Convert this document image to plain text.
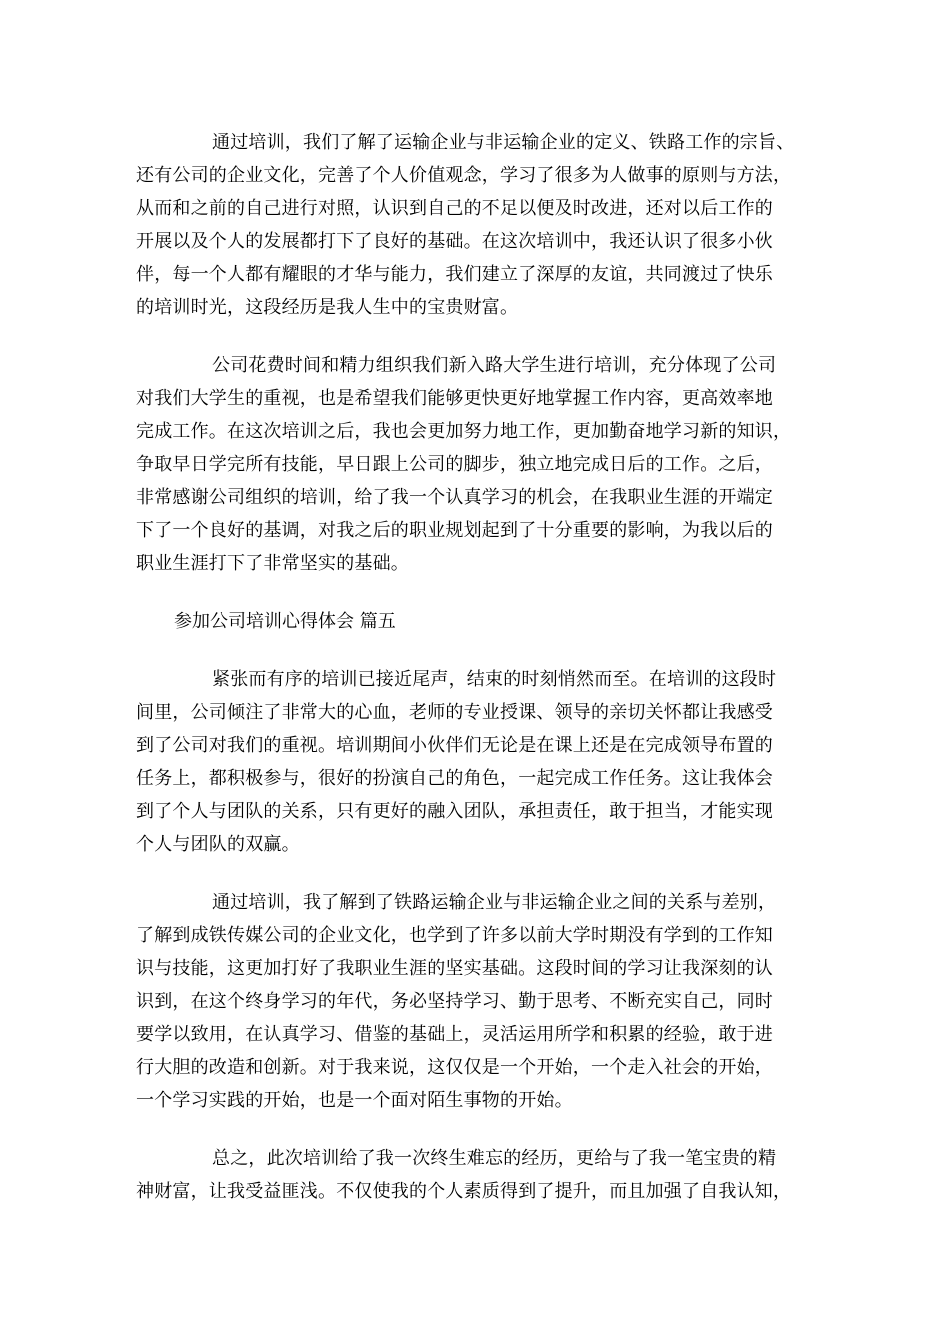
通过培训，我们了解了运输企业与非运输企业的定义、铁路工作的宗旨、
还有公司的企业文化，完善了个人价值观念，学习了很多为人做事的原则与方法，
从而和之前的自己进行对照，认识到自己的不足以便及时改进，还对以后工作的
开展以及个人的发展都打下了良好的基础。在这次培训中，我还认识了很多小伙
伴，每一个人都有耀眼的才华与能力，我们建立了深厚的友谊，共同渡过了快乐
的培训时光，这段经历是我人生中的宝贵财富。
公司花费时间和精力组织我们新入路大学生进行培训，充分体现了公司
对我们大学生的重视，也是希望我们能够更快更好地掌握工作内容，更高效率地
完成工作。在这次培训之后，我也会更加努力地工作，更加勤奋地学习新的知识，
争取早日学完所有技能，早日跟上公司的脚步，独立地完成日后的工作。之后，
非常感谢公司组织的培训，给了我一个认真学习的机会，在我职业生涯的开端定
下了一个良好的基调，对我之后的职业规划起到了十分重要的影响，为我以后的
职业生涯打下了非常坚实的基础。
参加公司培训心得体会 篇五
紧张而有序的培训已接近尾声，结束的时刻悄然而至。在培训的这段时
间里，公司倾注了非常大的心血，老师的专业授课、领导的亲切关怀都让我感受
到了公司对我们的重视。培训期间小伙伴们无论是在课上还是在完成领导布置的
任务上，都积极参与，很好的扮演自己的角色，一起完成工作任务。这让我体会
到了个人与团队的关系，只有更好的融入团队，承担责任，敢于担当，才能实现
个人与团队的双赢。
通过培训，我了解到了铁路运输企业与非运输企业之间的关系与差别，
了解到成铁传媒公司的企业文化，也学到了许多以前大学时期没有学到的工作知
识与技能，这更加打好了我职业生涯的坚实基础。这段时间的学习让我深刻的认
识到，在这个终身学习的年代，务必坚持学习、勤于思考、不断充实自己，同时
要学以致用，在认真学习、借鉴的基础上，灵活运用所学和积累的经验，敢于进
行大胆的改造和创新。对于我来说，这仅仅是一个开始，一个走入社会的开始，
一个学习实践的开始，也是一个面对陌生事物的开始。
总之，此次培训给了我一次终生难忘的经历，更给与了我一笔宝贵的精
神财富，让我受益匪浅。不仅使我的个人素质得到了提升，而且加强了自我认知，
